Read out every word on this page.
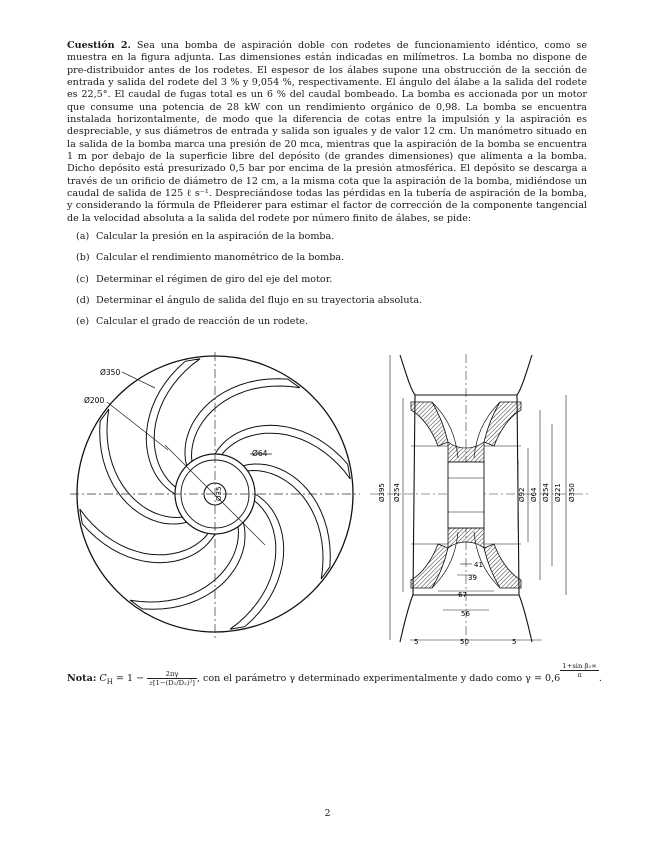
Cuestión 2. Sea una bomba de aspiración doble con rodetes de funcionamiento idéntico, como se muestra en la figura adjunta. Las dimensiones están indicadas en milímetros. La bomba no dispone de pre-distribuidor antes de los rodetes. El espesor de los álabes supone una obstrucción de la sección de entrada y salida del rodete del 3 % y 9,054 %, respectivamente. El ángulo del álabe a la salida del rodete es 22,5°. El caudal de fugas total es un 6 % del caudal bombeado. La bomba es accionada por un motor que consume una potencia de 28 kW con un rendimiento orgánico de 0,98. La bomba se encuentra instalada horizontalmente, de modo que la diferencia de cotas entre la impulsión y la aspiración es despreciable, y sus diámetros de entrada y salida son iguales y de valor 12 cm. Un manómetro situado en la salida de la bomba marca una presión de 20 mca, mientras que la aspiración de la bomba se encuentra 1 m por debajo de la superficie libre del depósito (de grandes dimensiones) que alimenta a la bomba. Dicho depósito está presurizado 0,5 bar por encima de la presión atmosférica. El depósito se descarga a través de un orificio de diámetro de 12 cm, a la misma cota que la aspiración de la bomba, midiéndose un caudal de salida de 125 ℓ s⁻¹. Despreciándose todas las pérdidas en la tubería de aspiración de la bomba, y considerando la fórmula de Pfleiderer para estimar el factor de corrección de la componente tangencial de la velocidad absoluta a la salida del rodete por número finito de álabes, se pide:

(a) Calcular la presión en la aspiración de la bomba.
(b) Calcular el rendimiento manométrico de la bomba.
(c) Determinar el régimen de giro del eje del motor.
(d) Determinar el ángulo de salida del flujo en su trayectoria absoluta.
(e) Calcular el grado de reacción de un rodete.
Ø350
Ø200
Ø64
Ø35	Ø395 Ø254	Ø92 Ø64 Ø254 Ø221 Ø350
41
39
67
56
5	50	5
Nota: $C_H = 1 - \frac{2\pi\gamma}{\text{z[1−(D₁/D₂)²]}}$ , con el parámetro γ determinado experimentalmente y dado como $\gamma = 0,6 \frac{\text{1+sin β₂∞}}{\pi}$ .
2
